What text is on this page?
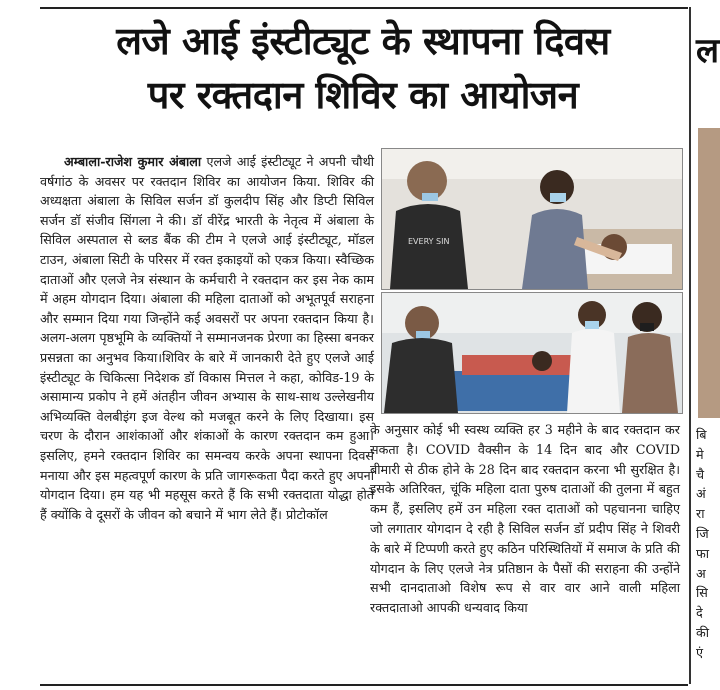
लजे आई इंस्टीट्यूट के स्थापना दिवस
पर रक्तदान शिविर का आयोजन

अम्बाला-राजेश कुमार अंबाला एलजे आई इंस्टीट्यूट ने अपनी चौथी वर्षगांठ के अवसर पर रक्तदान शिविर का आयोजन किया. शिविर की अध्यक्षता अंबाला के सिविल सर्जन डॉ कुलदीप सिंह और डिप्टी सिविल सर्जन डॉ संजीव सिंगला ने की। डॉ वीरेंद्र भारती के नेतृत्व में अंबाला के सिविल अस्पताल से ब्लड बैंक की टीम ने एलजे आई इंस्टीट्यूट, मॉडल टाउन, अंबाला सिटी के परिसर में रक्त इकाइयों को एकत्र किया। स्वैच्छिक दाताओं और एलजे नेत्र संस्थान के कर्मचारी ने रक्तदान कर इस नेक काम में अहम योगदान दिया। अंबाला की महिला दाताओं को अभूतपूर्व सराहना और सम्मान दिया गया जिन्होंने कई अवसरों पर अपना रक्तदान किया है। अलग-अलग पृष्ठभूमि के व्यक्तियों ने सम्मानजनक प्रेरणा का हिस्सा बनकर प्रसन्नता का अनुभव किया।शिविर के बारे में जानकारी देते हुए एलजे आई इंस्टीट्यूट के चिकित्सा निदेशक डॉ विकास मित्तल ने कहा, कोविड-19 के असामान्य प्रकोप ने हमें अंतहीन जीवन अभ्यास के साथ-साथ उल्लेखनीय अभिव्यक्ति वेलबीइंग इज वेल्थ को मजबूत करने के लिए दिखाया। इस चरण के दौरान आशंकाओं और शंकाओं के कारण रक्तदान कम हुआ। इसलिए, हमने रक्तदान शिविर का समन्वय करके अपना स्थापना दिवस मनाया और इस महत्वपूर्ण कारण के प्रति जागरूकता पैदा करते हुए अपना योगदान दिया। हम यह भी महसूस करते हैं कि सभी रक्तदाता योद्धा होते हैं क्योंकि वे दूसरों के जीवन को बचाने में भाग लेते हैं। प्रोटोकॉल

EVERY SIN

के अनुसार कोई भी स्वस्थ व्यक्ति हर 3 महीने के बाद रक्तदान कर सकता है। COVID वैक्सीन के 14 दिन बाद और COVID बीमारी से ठीक होने के 28 दिन बाद रक्तदान करना भी सुरक्षित है। इसके अतिरिक्त, चूंकि महिला दाता पुरुष दाताओं की तुलना में बहुत कम हैं, इसलिए हमें उन महिला रक्त दाताओं को पहचानना चाहिए जो लगातार योगदान दे रही है सिविल सर्जन डॉ प्रदीप सिंह ने शिवरी के बारे में टिप्पणी करते हुए कठिन परिस्थितियों में समाज के प्रति की योगदान के लिए एलजे नेत्र प्रतिष्ठान के पैसों की सराहना की उन्होंने सभी दानदाताओ विशेष रूप से वार वार आने वाली महिला रक्तदाताओ आपकी धन्यवाद किया

ल
बि
मे
चै
अं
रा
जि
फा
अ
सि
दे
की
एं
